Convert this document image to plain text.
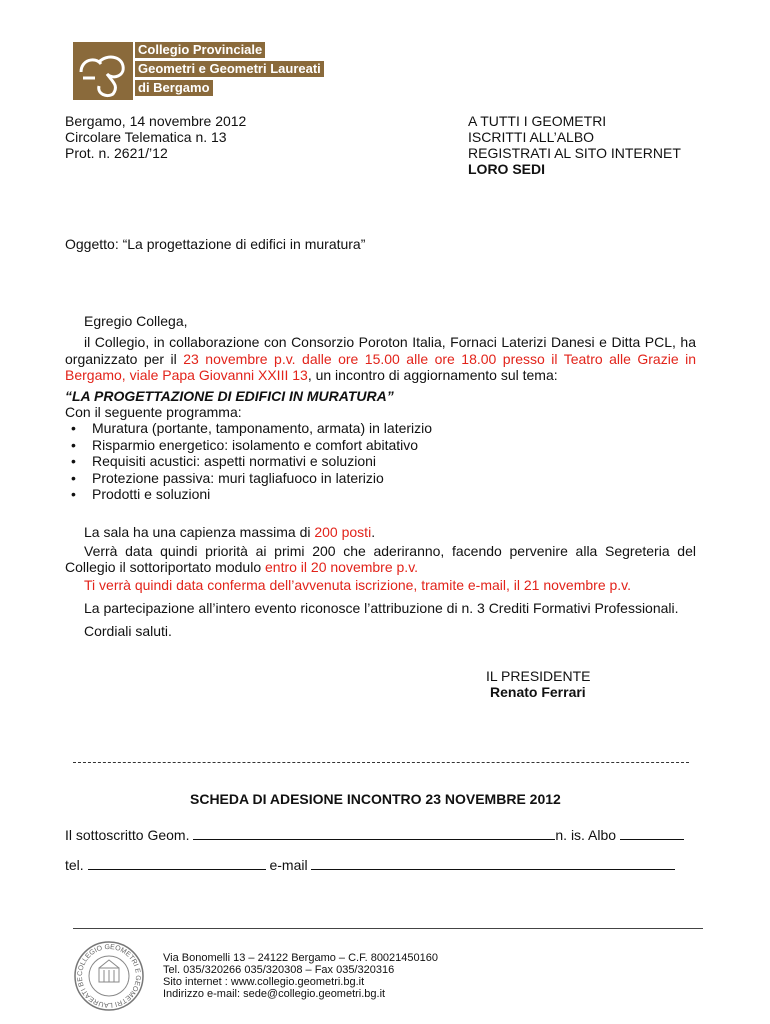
Collegio Provinciale
Geometri e Geometri Laureati
di Bergamo
Bergamo, 14 novembre 2012
Circolare Telematica n. 13
Prot. n. 2621/’12
A TUTTI I GEOMETRI
ISCRITTI ALL’ALBO
REGISTRATI AL SITO INTERNET
LORO SEDI
Oggetto: “La progettazione di edifici in muratura”
Egregio Collega,
il Collegio, in collaborazione con Consorzio Poroton Italia, Fornaci Laterizi Danesi e Ditta PCL, ha
organizzato per il 23 novembre p.v. dalle ore 15.00 alle ore 18.00 presso il Teatro alle Grazie in
Bergamo, viale Papa Giovanni XXIII 13, un incontro di aggiornamento sul tema:
“LA PROGETTAZIONE DI EDIFICI IN MURATURA”
Con il seguente programma:
• Muratura (portante, tamponamento, armata) in laterizio
• Risparmio energetico: isolamento e comfort abitativo
• Requisiti acustici: aspetti normativi e soluzioni
• Protezione passiva: muri tagliafuoco in laterizio
• Prodotti e soluzioni
La sala ha una capienza massima di 200 posti.
Verrà data quindi priorità ai primi 200 che aderiranno, facendo pervenire alla Segreteria del
Collegio il sottoriportato modulo entro il 20 novembre p.v.
Ti verrà quindi data conferma dell’avvenuta iscrizione, tramite e-mail, il 21 novembre p.v.
La partecipazione all’intero evento riconosce l’attribuzione di n. 3 Crediti Formativi Professionali.
Cordiali saluti.
IL PRESIDENTE
Renato Ferrari
SCHEDA DI ADESIONE INCONTRO 23 NOVEMBRE 2012
Il sottoscritto Geom.	n. is. Albo
tel.	e-mail
COLLEGIO GEOMETRI E GEOMETRI LAUREATI BE
Via Bonomelli 13 – 24122 Bergamo – C.F. 80021450160
Tel. 035/320266 035/320308 – Fax 035/320316
Sito internet : www.collegio.geometri.bg.it
Indirizzo e-mail: sede@collegio.geometri.bg.it
